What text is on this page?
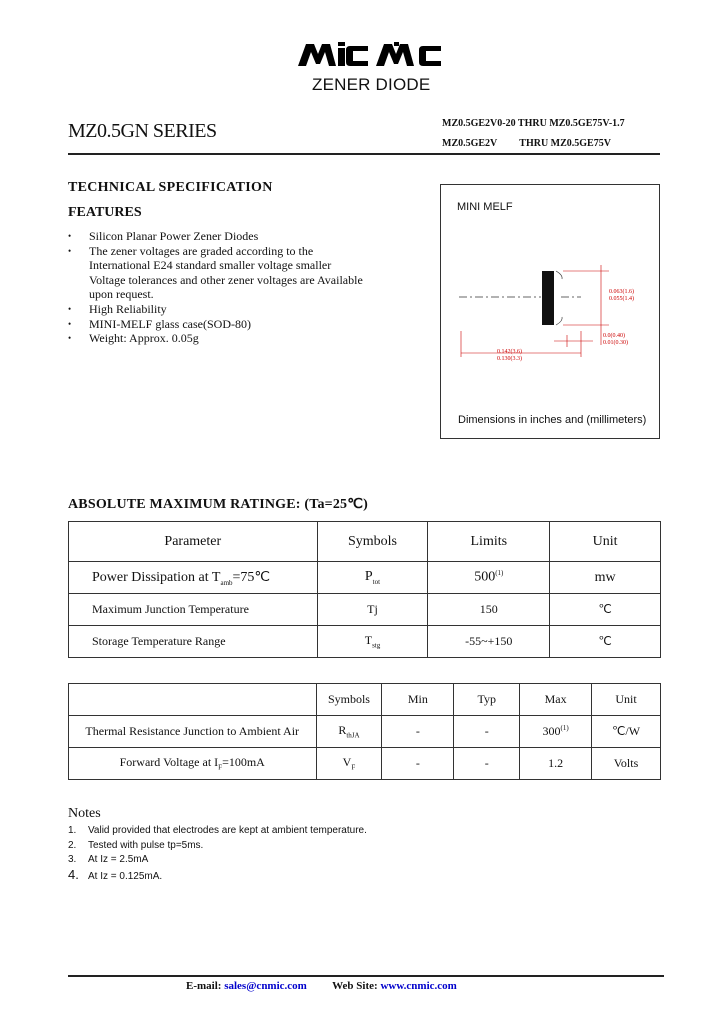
ZENER DIODE
MZ0.5GN SERIES	MZ0.5GE2V0-20 THRU MZ0.5GE75V-1.7
MZ0.5GE2V THRU MZ0.5GE75V
TECHNICAL SPECIFICATION
FEATURES
• Silicon Planar Power Zener Diodes
• The zener voltages are graded according to the International E24 standard smaller voltage smaller Voltage tolerances and other zener voltages are Available upon request.
• High Reliability
• MINI-MELF glass case(SOD-80)
• Weight: Approx. 0.05g
MINI MELF
0.063(1.6)
0.055(1.4)
0.0(0.40)
0.01(0.30)
0.142(3.6)
0.130(3.3)
Dimensions in inches and (millimeters)
ABSOLUTE MAXIMUM RATINGE: (Ta=25℃)
Parameter	Symbols	Limits	Unit
Power Dissipation at $T_{amb}=75℃$	$P_{tot}$	500$^{(1)}$	mw
Maximum Junction Temperature	Tj	150	℃
Storage Temperature Range	$T_{stg}$	-55~+150	℃
	Symbols	Min	Typ	Max	Unit
Thermal Resistance Junction to Ambient Air	$R_{thJA}$	-	-	300$^{(1)}$	℃/W
Forward Voltage at $I_F=100mA$	$V_F$	-	-	1.2	Volts
Notes
1. Valid provided that electrodes are kept at ambient temperature.
2. Tested with pulse tp=5ms.
3. At Iz = 2.5mA
4. At Iz = 0.125mA.
E-mail: sales@cnmic.com Web Site: www.cnmic.com
